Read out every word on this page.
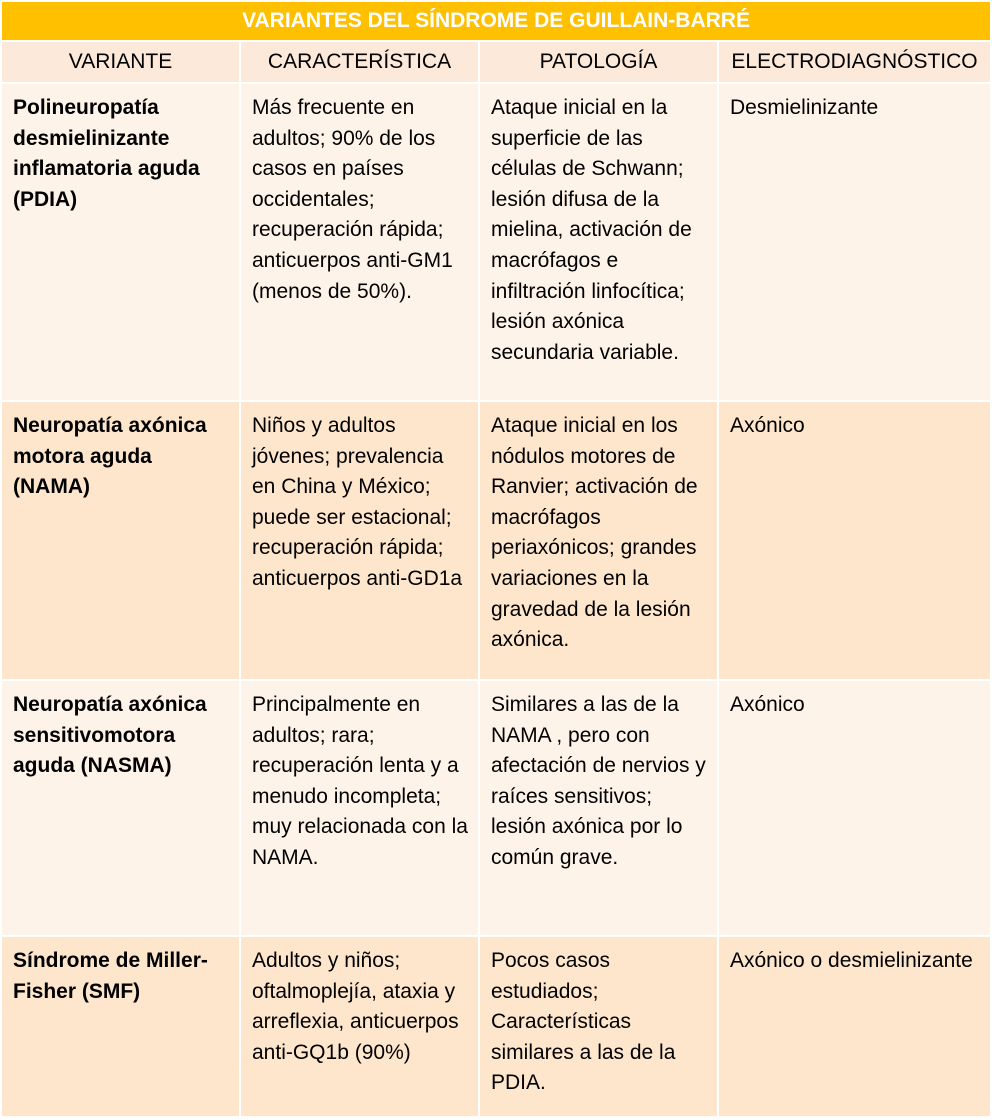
VARIANTES DEL SÍNDROME DE GUILLAIN-BARRÉ			
VARIANTE	CARACTERÍSTICA	PATOLOGÍA	ELECTRODIAGNÓSTICO
Polineuropatía desmielinizante inflamatoria aguda (PDIA)	Más frecuente en adultos; 90% de los casos en países occidentales; recuperación rápida; anticuerpos anti-GM1 (menos de 50%).	Ataque inicial en la superficie de las células de Schwann; lesión difusa de la mielina, activación de macrófagos e infiltración linfocítica; lesión axónica secundaria variable.	Desmielinizante
Neuropatía axónica motora aguda (NAMA)	Niños y adultos jóvenes; prevalencia en China y México; puede ser estacional; recuperación rápida; anticuerpos anti-GD1a	Ataque inicial en los nódulos motores de Ranvier; activación de macrófagos periaxónicos; grandes variaciones en la gravedad de la lesión axónica.	Axónico
Neuropatía axónica sensitivomotora aguda (NASMA)	Principalmente en adultos; rara; recuperación lenta y a menudo incompleta; muy relacionada con la NAMA.	Similares a las de la NAMA , pero con afectación de nervios y raíces sensitivos; lesión axónica por lo común grave.	Axónico
Síndrome de Miller-Fisher (SMF)	Adultos y niños; oftalmoplejía, ataxia y arreflexia, anticuerpos anti-GQ1b (90%)	Pocos casos estudiados; Características similares a las de la PDIA.	Axónico o desmielinizante
